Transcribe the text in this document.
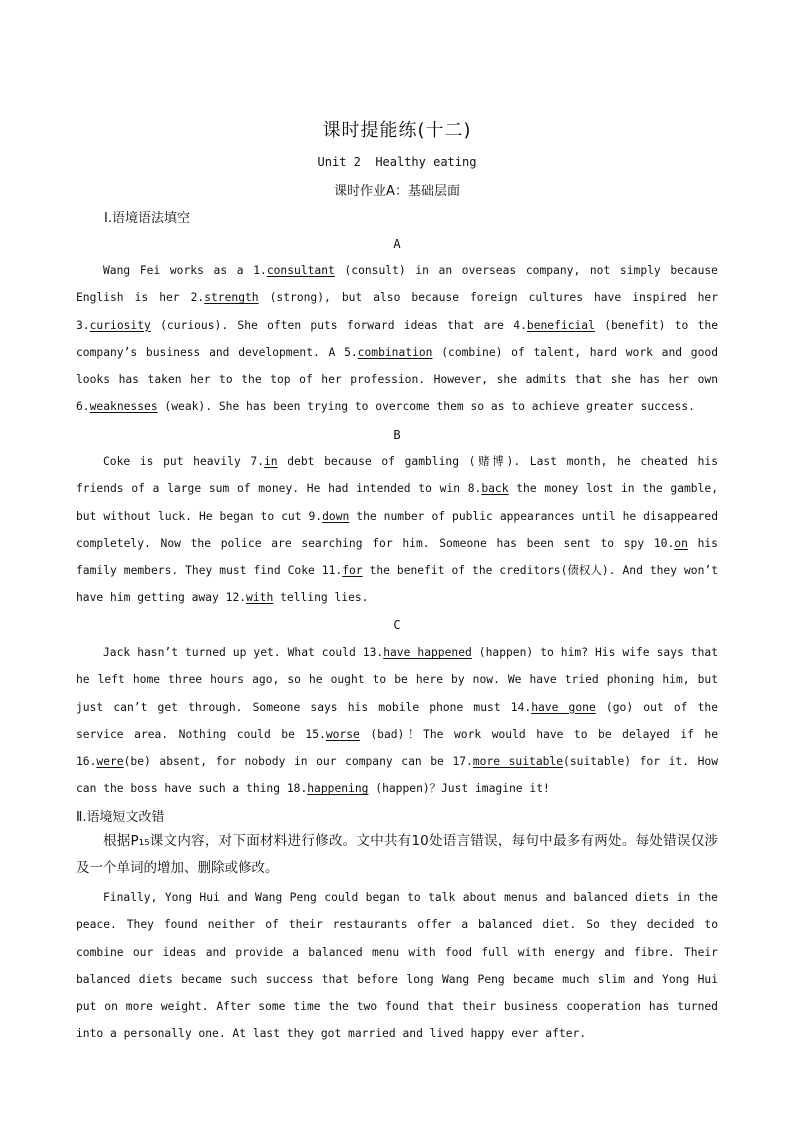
课时提能练(十二)
Unit 2  Healthy eating
课时作业A：基础层面
Ⅰ.语境语法填空
A
Wang Fei works as a 1.consultant (consult) in an overseas company, not simply because English is her 2.strength (strong), but also because foreign cultures have inspired her 3.curiosity (curious). She often puts forward ideas that are 4.beneficial (benefit) to the company’s business and development. A 5.combination (combine) of talent, hard work and good looks has taken her to the top of her profession. However, she admits that she has her own 6.weaknesses (weak). She has been trying to overcome them so as to achieve greater success.
B
Coke is put heavily 7.in debt because of gambling (赌博). Last month, he cheated his friends of a large sum of money. He had intended to win 8.back the money lost in the gamble, but without luck. He began to cut 9.down the number of public appearances until he disappeared completely. Now the police are searching for him. Someone has been sent to spy 10.on his family members. They must find Coke 11.for the benefit of the creditors(债权人). And they won’t have him getting away 12.with telling lies.
C
Jack hasn’t turned up yet. What could 13.have happened (happen) to him? His wife says that he left home three hours ago, so he ought to be here by now. We have tried phoning him, but just can’t get through. Someone says his mobile phone must 14.have gone (go) out of the service area. Nothing could be 15.worse (bad)！The work would have to be delayed if he 16.were(be) absent, for nobody in our company can be 17.more suitable(suitable) for it. How can the boss have such a thing 18.happening (happen)？Just imagine it!
Ⅱ.语境短文改错
根据P₁₅课文内容，对下面材料进行修改。文中共有10处语言错误，每句中最多有两处。每处错误仅涉及一个单词的增加、删除或修改。
Finally, Yong Hui and Wang Peng could began to talk about menus and balanced diets in the peace. They found neither of their restaurants offer a balanced diet. So they decided to combine our ideas and provide a balanced menu with food full with energy and fibre. Their balanced diets became such success that before long Wang Peng became much slim and Yong Hui put on more weight. After some time the two found that their business cooperation has turned into a personally one. At last they got married and lived happy ever after.
